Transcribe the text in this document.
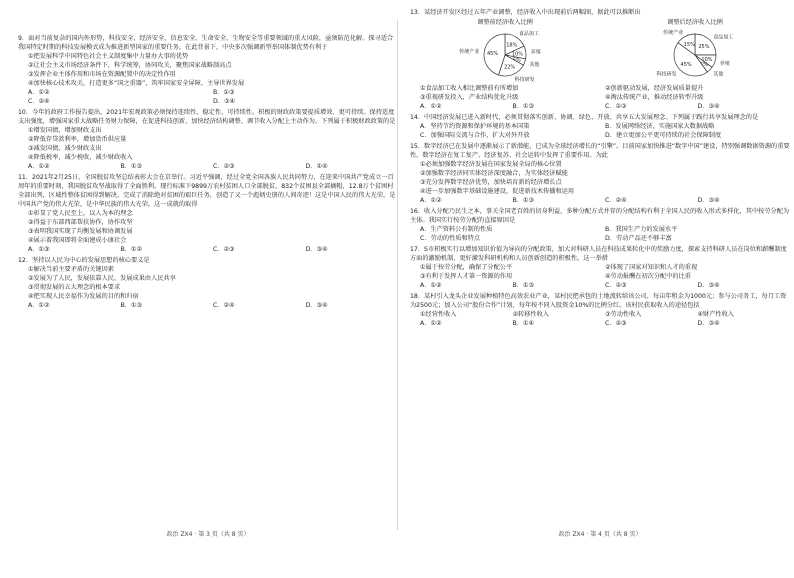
9．面对当前复杂的国内外形势，科技安全、经济安全、信息安全、生命安全、生物安全等重要领域的重大风险，亟须防范化解。探寻适合我国特定时期的科技发展模式成为推进新型国家的重要任务。在此背景下，中央多次强调新型举国体制优势有利于
①把发展科学中国特色社会主义制度集中力量办大事的优势
②让社会主义市场经济条件下，科学统筹，协同攻关，聚焦国家战略制高点
③发挥企业主体作用和市场在资源配置中的决定性作用
④加快核心技术攻关，打造更多“国之重器”，筑牢国家安全屏障，主导世界发展
A．①②	B．①③
C．②④	D．③④
10．今年的政府工作报告提出，2021年宏观政策必须保持连续性、稳定性、可持续性。积极的财政政策要提质增效、更可持续。保持适度支出强度，增强国家重大战略任务财力保障，在促进科技创新、加快经济结构调整、调节收入分配上主动作为。下列属于积极财政政策的是
①增发国债，增加财政支出
②降低存贷款利率，增加货币供应量
③减发国债，减少财政支出
④降低税率，减少税收，减少财政收入
A．①②	B．①③	C．②③	D．①④
11．2021年2月25日，全国脱贫攻坚总结表彰大会在京举行。习近平强调，经过全党全国各族人民共同努力，在迎来中国共产党成立一百周年的重要时刻，我国脱贫攻坚战取得了全面胜利。现行标准下9899万农村贫困人口全部脱贫，832个贫困县全部摘帽，12.8万个贫困村全部出列，区域性整体贫困得到解决，完成了消除绝对贫困的艰巨任务，创造了又一个彪炳史册的人间奇迹！这是中国人民的伟大光荣，是中国共产党的伟大光荣，是中华民族的伟大光荣。这一成就的取得
①彰显了党人民至上，以人为本的理念
②得益于东部西部帮扶协作，协作攻坚
③表明我国实现了均衡发展和协调发展
④展示着我国即将全面建成小康社会
A．①③	B．①②	C．②③	D．③④
12．坚持以人民为中心的发展思想的核心要义是
①解决当前主要矛盾的关键因素
②发展为了人民，发展依靠人民，发展成果由人民共享
③贯彻发展的五大理念的根本要求
④把实现人民幸福作为发展的目的和归宿
A．①②	B．①③	C．②④	D．③④
政治 ZX4 · 第 3 页（共 8 页）
13．某经济开发区经过五年产业调整，经济收入中出现前后两幅图，据此可以推断出
调整前经济收入比例
18%
食品加工
10% 养殖
5%
其他
22%
科技研发
45%
传统产业
调整后经济收入比例
25%
食品加工
10%
养殖
5%
其他
45%
科技研发
15%
传统产业
①食品加工收入相比调整前有所增加	②创新驱动发展，经济发展质量提升
③重视研发投入，产业结构优化升级	④淘汰传统产业，推动经济转型升级
A．①②	B．①③	C．②③	D．③④
14．中国经济发展已进入新时代，必须贯彻落实创新、协调、绿色、开放、共享五大发展理念。下列属于践行共享发展理念的是
A．坚持节约资源和保护环境的基本国策	B．发展网络经济，实施国家大数据战略
C．加强国际交流与合作，扩大对外开放	D．建立更加公平更可持续的社会保障制度
15．数字经济已在发展中逐渐展示了新潜能，已成为全球经济增长的“引擎”。目前国家加快推进“数字中国”建设，特别强调数据资源的重要性，数字经济在复工复产、经济复苏、社会运转中发挥了重要作用。为此
①必须加强数字经济发展在国家发展全局的核心位置
②加强数字经济同实体经济深度融合，为实体经济赋能
③充分发挥数字经济优势，加快培育新的经济增长点
④进一步加强数字基础设施建设，促进新技术传播和运用
A．①②	B．①③	C．②④	D．③④
16．收入分配乃民生之本，事关全国老百姓的切身利益，多种分配方式并存的分配结构有利于全国人民的收入形式多样化，其中按劳分配为主体。我国实行按劳分配的直接原因是
A．生产资料公有制的性质	B．我国生产力的发展水平
C．劳动的性质和特点	D．劳动产品还不够丰富
17．S市积极实行以增加知识价值为导向的分配政策，加大对科研人员在科技成果转化中的奖励力度，探索支持科研人员在岗位和薪酬制度方面的激励机制，更好激发科研机构和人员创新创造的积极性。这一举措
①属于按劳分配，确保了分配公平	②体现了国家对知识和人才的重视
③有利于发挥人才第一资源的作用	④劳动报酬在初次分配中的比重
A．①②	B．①③	C．②③	D．③④
18．某村引入龙头企业发展种植特色高效农业产业，某村民把承包的土地流转给该公司，每亩年租金为1000元；参与公司务工，每月工资为2500元；加入公司“股份合作”计划，每年按不同入股资金10%的比例分红。该村民获取收入的途径包括
①经营性收入	②转移性收入	③劳动性收入	④财产性收入
A．①②	B．①④	C．②③	D．③④
政治 ZX4 · 第 4 页（共 8 页）
